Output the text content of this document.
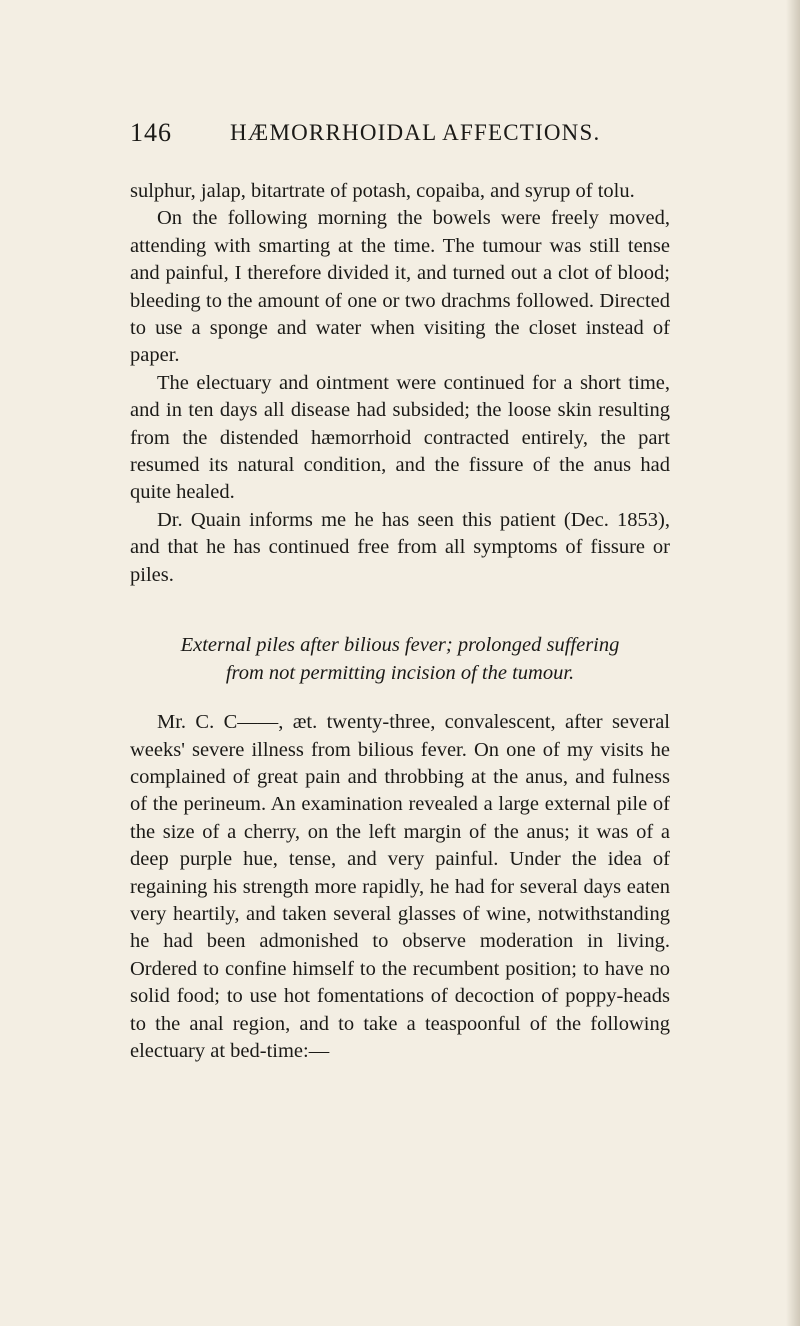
146	HÆMORRHOIDAL AFFECTIONS.

sulphur, jalap, bitartrate of potash, copaiba, and syrup of tolu.

On the following morning the bowels were freely moved, attending with smarting at the time. The tumour was still tense and painful, I therefore divided it, and turned out a clot of blood; bleeding to the amount of one or two drachms followed. Directed to use a sponge and water when visiting the closet instead of paper.

The electuary and ointment were continued for a short time, and in ten days all disease had subsided; the loose skin resulting from the distended hæmorrhoid contracted entirely, the part resumed its natural condition, and the fissure of the anus had quite healed.

Dr. Quain informs me he has seen this patient (Dec. 1853), and that he has continued free from all symptoms of fissure or piles.

External piles after bilious fever; prolonged suffering
from not permitting incision of the tumour.

Mr. C. C——, æt. twenty-three, convalescent, after several weeks' severe illness from bilious fever. On one of my visits he complained of great pain and throbbing at the anus, and fulness of the perineum. An examination revealed a large external pile of the size of a cherry, on the left margin of the anus; it was of a deep purple hue, tense, and very painful. Under the idea of regaining his strength more rapidly, he had for several days eaten very heartily, and taken several glasses of wine, notwithstanding he had been admonished to observe moderation in living. Ordered to confine himself to the recumbent position; to have no solid food; to use hot fomentations of decoction of poppy-heads to the anal region, and to take a teaspoonful of the following electuary at bed-time:—
